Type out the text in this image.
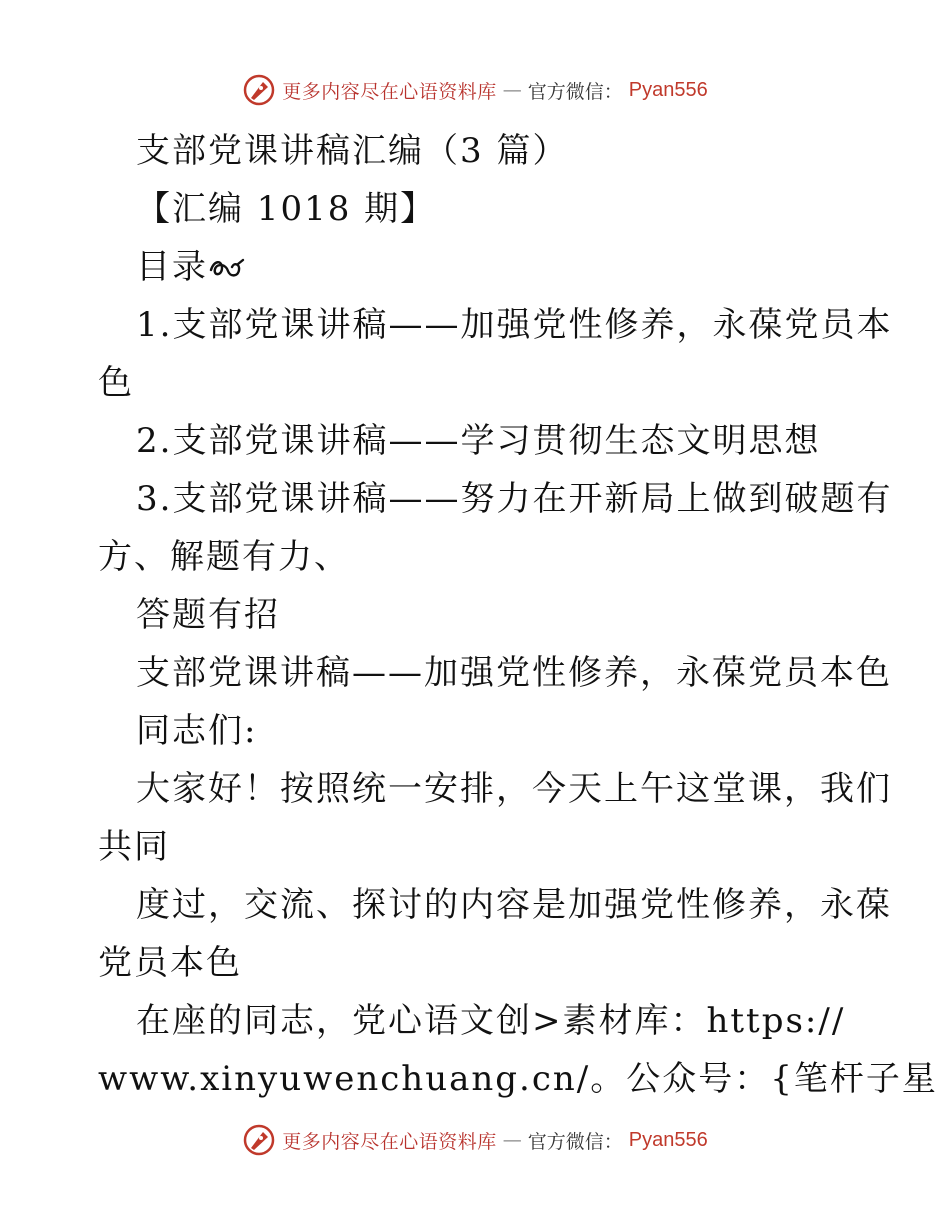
更多内容尽在心语资料库 — 官方微信： Pyan556
支部党课讲稿汇编（3 篇）
【汇编 1018 期】
目录
1.支部党课讲稿——加强党性修养，永葆党员本
色
2.支部党课讲稿——学习贯彻生态文明思想
3.支部党课讲稿——努力在开新局上做到破题有
方、解题有力、
答题有招
支部党课讲稿——加强党性修养，永葆党员本色
同志们:
大家好！按照统一安排，今天上午这堂课，我们
共同
度过，交流、探讨的内容是加强党性修养，永葆
党员本色
在座的同志，党心语文创>素材库：https://
www.xinyuwenchuang.cn/。公众号：{笔杆子星
更多内容尽在心语资料库 — 官方微信： Pyan556
